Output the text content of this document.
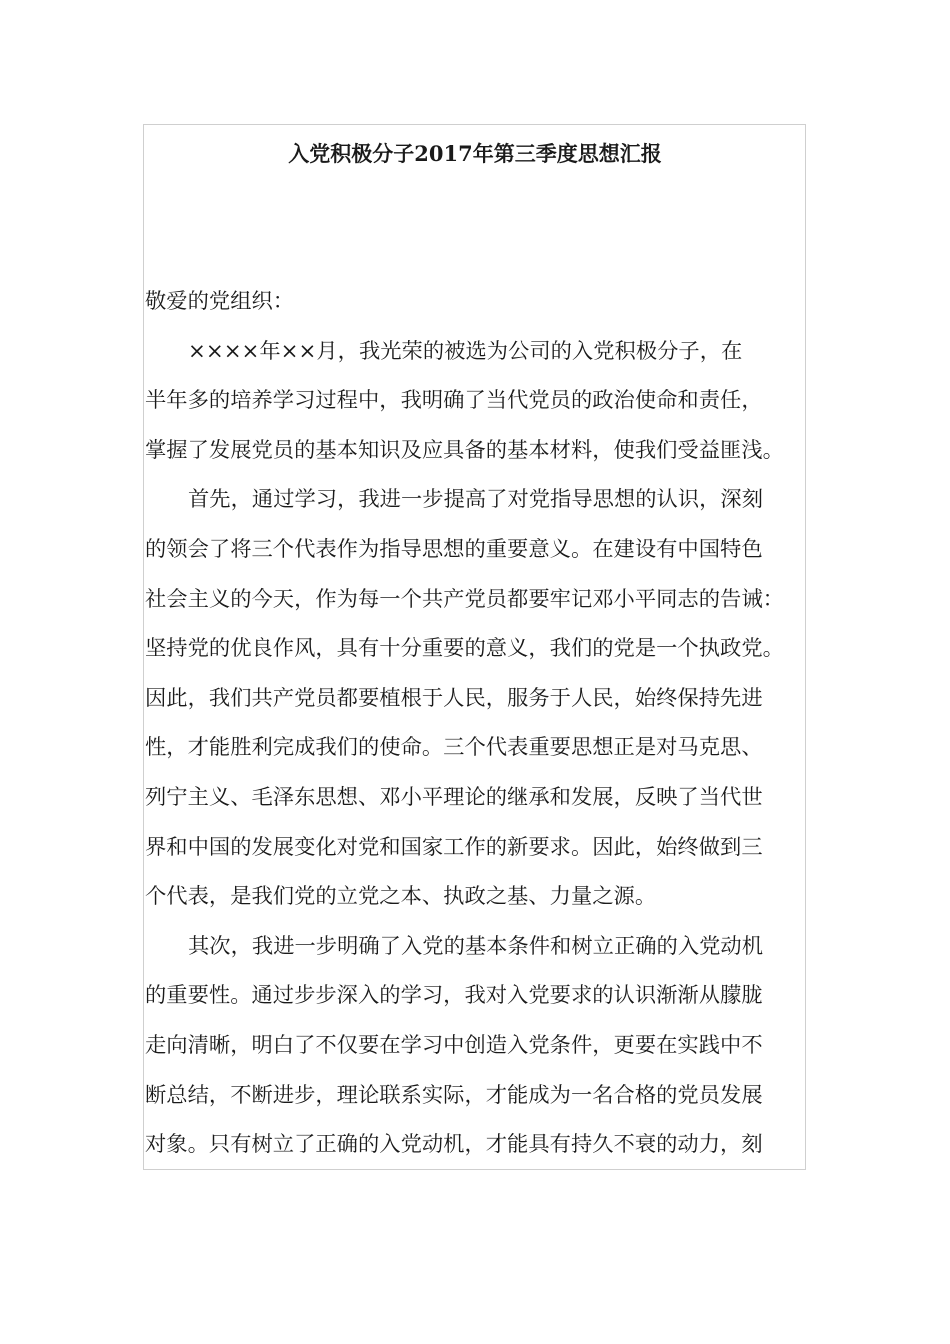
入党积极分子2017年第三季度思想汇报
敬爱的党组织：
××××年××月，我光荣的被选为公司的入党积极分子，在
半年多的培养学习过程中，我明确了当代党员的政治使命和责任，
掌握了发展党员的基本知识及应具备的基本材料，使我们受益匪浅。
首先，通过学习，我进一步提高了对党指导思想的认识，深刻
的领会了将三个代表作为指导思想的重要意义。在建设有中国特色
社会主义的今天，作为每一个共产党员都要牢记邓小平同志的告诫：
坚持党的优良作风，具有十分重要的意义，我们的党是一个执政党。
因此，我们共产党员都要植根于人民，服务于人民，始终保持先进
性，才能胜利完成我们的使命。三个代表重要思想正是对马克思、
列宁主义、毛泽东思想、邓小平理论的继承和发展，反映了当代世
界和中国的发展变化对党和国家工作的新要求。因此，始终做到三
个代表，是我们党的立党之本、执政之基、力量之源。
其次，我进一步明确了入党的基本条件和树立正确的入党动机
的重要性。通过步步深入的学习，我对入党要求的认识渐渐从朦胧
走向清晰，明白了不仅要在学习中创造入党条件，更要在实践中不
断总结，不断进步，理论联系实际，才能成为一名合格的党员发展
对象。只有树立了正确的入党动机，才能具有持久不衰的动力，刻
